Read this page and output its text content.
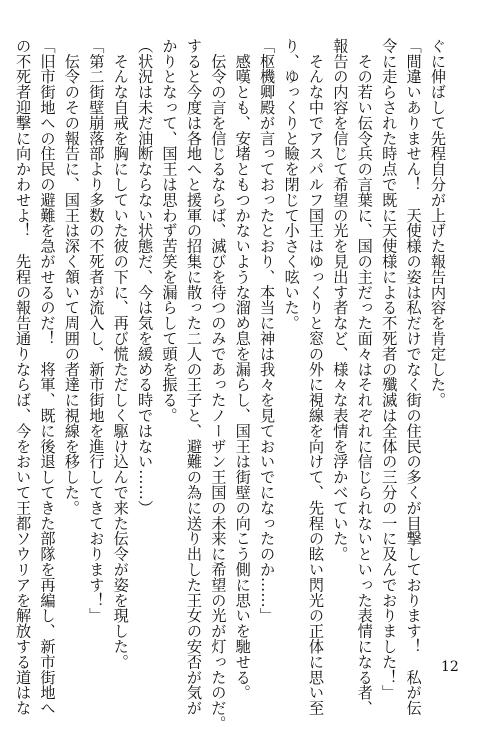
ぐに伸ばして先程自分が上げた報告内容を肯定した。
「間違いありません！　天使様の姿は私だけでなく街の住民の多くが目撃しております！　私が伝
令に走らされた時点で既に天使様による不死者の殲滅は全体の三分の一に及んでおりました！」
　その若い伝令兵の言葉に、国の主だった面々はそれぞれに信じられないといった表情になる者、
報告の内容を信じて希望の光を見出す者など、様々な表情を浮かべていた。
　そんな中でアスパルフ国王はゆっくりと窓の外に視線を向けて、先程の眩い閃光の正体に思い至
り、ゆっくりと瞼を閉じて小さく呟いた。
「枢機卿殿が言っておったとおり、本当に神は我々を見ておいでになったのか……」
　感嘆とも、安堵ともつかないような溜め息を漏らし、国王は街壁の向こう側に思いを馳せる。
　伝令の言を信じるならば、滅びを待つのみであったノーザン王国の未来に希望の光が灯ったのだ。
すると今度は各地へと援軍の招集に散った二人の王子と、避難の為に送り出した王女の安否が気が
かりとなって、国王は思わず苦笑を漏らして頭を振る。
（状況は未だ油断ならない状態だ、今は気を緩める時ではない……）
　そんな自戒を胸にしていた彼の下に、再び慌ただしく駆け込んで来た伝令が姿を現した。
「第二街壁崩落部より多数の不死者が流入し、新市街地を進行してきております！」
　伝令のその報告に、国王は深く頷いて周囲の者達に視線を移した。
「旧市街地への住民の避難を急がせるのだ！　将軍、既に後退してきた部隊を再編し、新市街地へ
の不死者迎撃に向かわせよ！　先程の報告通りならば、今をおいて王都ソウリアを解放する道はな	12
